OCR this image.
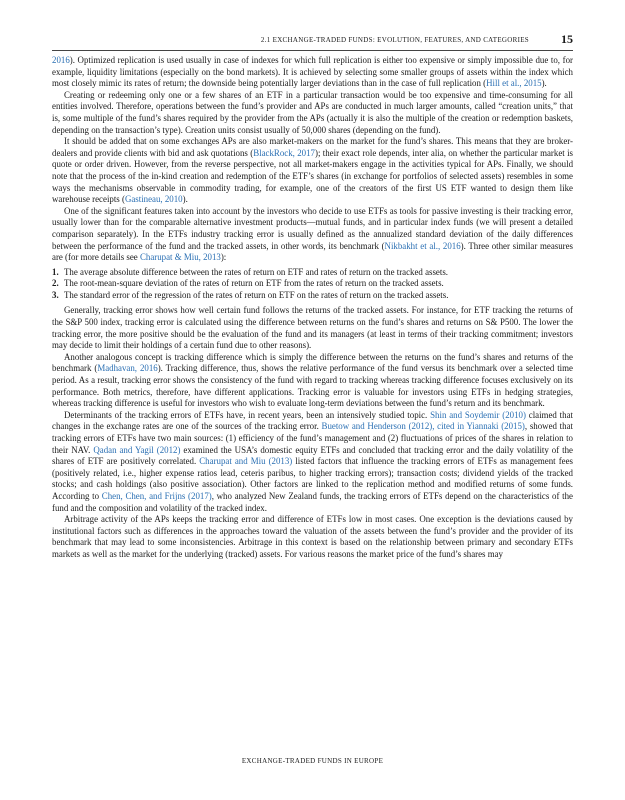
2.1 EXCHANGE-TRADED FUNDS: EVOLUTION, FEATURES, AND CATEGORIES	15

2016). Optimized replication is used usually in case of indexes for which full replication is either too expensive or simply impossible due to, for example, liquidity limitations (especially on the bond markets). It is achieved by selecting some smaller groups of assets within the index which most closely mimic its rates of return; the downside being potentially larger deviations than in the case of full replication (Hill et al., 2015).

Creating or redeeming only one or a few shares of an ETF in a particular transaction would be too expensive and time-consuming for all entities involved. Therefore, operations between the fund’s provider and APs are conducted in much larger amounts, called “creation units,” that is, some multiple of the fund’s shares required by the provider from the APs (actually it is also the multiple of the creation or redemption baskets, depending on the transaction’s type). Creation units consist usually of 50,000 shares (depending on the fund).

It should be added that on some exchanges APs are also market-makers on the market for the fund’s shares. This means that they are broker-dealers and provide clients with bid and ask quotations (BlackRock, 2017); their exact role depends, inter alia, on whether the particular market is quote or order driven. However, from the reverse perspective, not all market-makers engage in the activities typical for APs. Finally, we should note that the process of the in-kind creation and redemption of the ETF’s shares (in exchange for portfolios of selected assets) resembles in some ways the mechanisms observable in commodity trading, for example, one of the creators of the first US ETF wanted to design them like warehouse receipts (Gastineau, 2010).

One of the significant features taken into account by the investors who decide to use ETFs as tools for passive investing is their tracking error, usually lower than for the comparable alternative investment products—mutual funds, and in particular index funds (we will present a detailed comparison separately). In the ETFs industry tracking error is usually defined as the annualized standard deviation of the daily differences between the performance of the fund and the tracked assets, in other words, its benchmark (Nikbakht et al., 2016). Three other similar measures are (for more details see Charupat & Miu, 2013):

1. The average absolute difference between the rates of return on ETF and rates of return on the tracked assets.
2. The root-mean-square deviation of the rates of return on ETF from the rates of return on the tracked assets.
3. The standard error of the regression of the rates of return on ETF on the rates of return on the tracked assets.

Generally, tracking error shows how well certain fund follows the returns of the tracked assets. For instance, for ETF tracking the returns of the S&P 500 index, tracking error is calculated using the difference between returns on the fund’s shares and returns on S& P500. The lower the tracking error, the more positive should be the evaluation of the fund and its managers (at least in terms of their tracking commitment; investors may decide to limit their holdings of a certain fund due to other reasons).

Another analogous concept is tracking difference which is simply the difference between the returns on the fund’s shares and returns of the benchmark (Madhavan, 2016). Tracking difference, thus, shows the relative performance of the fund versus its benchmark over a selected time period. As a result, tracking error shows the consistency of the fund with regard to tracking whereas tracking difference focuses exclusively on its performance. Both metrics, therefore, have different applications. Tracking error is valuable for investors using ETFs in hedging strategies, whereas tracking difference is useful for investors who wish to evaluate long-term deviations between the fund’s return and its benchmark.

Determinants of the tracking errors of ETFs have, in recent years, been an intensively studied topic. Shin and Soydemir (2010) claimed that changes in the exchange rates are one of the sources of the tracking error. Buetow and Henderson (2012), cited in Yiannaki (2015), showed that tracking errors of ETFs have two main sources: (1) efficiency of the fund’s management and (2) fluctuations of prices of the shares in relation to their NAV. Qadan and Yagil (2012) examined the USA’s domestic equity ETFs and concluded that tracking error and the daily volatility of the shares of ETF are positively correlated. Charupat and Miu (2013) listed factors that influence the tracking errors of ETFs as management fees (positively related, i.e., higher expense ratios lead, ceteris paribus, to higher tracking errors); transaction costs; dividend yields of the tracked stocks; and cash holdings (also positive association). Other factors are linked to the replication method and modified returns of some funds. According to Chen, Chen, and Frijns (2017), who analyzed New Zealand funds, the tracking errors of ETFs depend on the characteristics of the fund and the composition and volatility of the tracked index.

Arbitrage activity of the APs keeps the tracking error and difference of ETFs low in most cases. One exception is the deviations caused by institutional factors such as differences in the approaches toward the valuation of the assets between the fund’s provider and the provider of its benchmark that may lead to some inconsistencies. Arbitrage in this context is based on the relationship between primary and secondary ETFs markets as well as the market for the underlying (tracked) assets. For various reasons the market price of the fund’s shares may

EXCHANGE-TRADED FUNDS IN EUROPE
